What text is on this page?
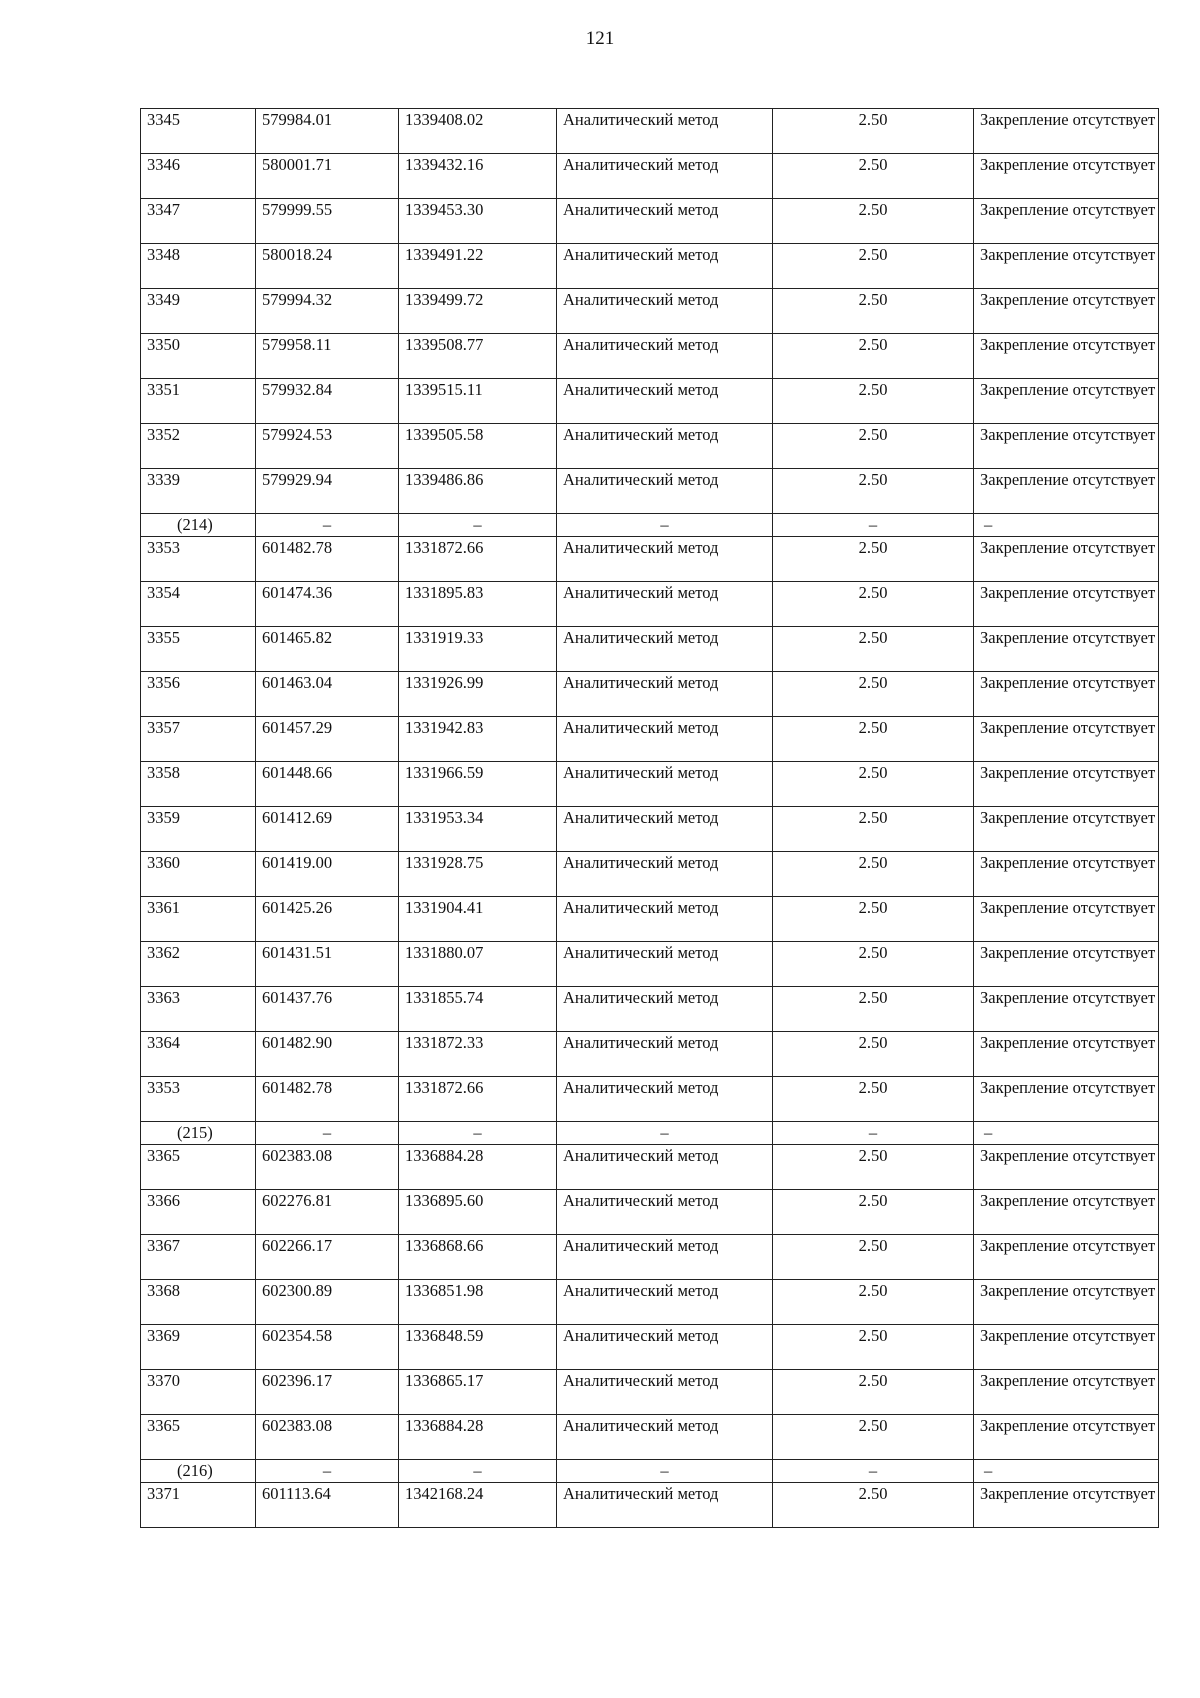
121
3345	579984.01	1339408.02	Аналитический метод	2.50	Закрепление отсутствует
3346	580001.71	1339432.16	Аналитический метод	2.50	Закрепление отсутствует
3347	579999.55	1339453.30	Аналитический метод	2.50	Закрепление отсутствует
3348	580018.24	1339491.22	Аналитический метод	2.50	Закрепление отсутствует
3349	579994.32	1339499.72	Аналитический метод	2.50	Закрепление отсутствует
3350	579958.11	1339508.77	Аналитический метод	2.50	Закрепление отсутствует
3351	579932.84	1339515.11	Аналитический метод	2.50	Закрепление отсутствует
3352	579924.53	1339505.58	Аналитический метод	2.50	Закрепление отсутствует
3339	579929.94	1339486.86	Аналитический метод	2.50	Закрепление отсутствует
(214)	–	–	–	–	–
3353	601482.78	1331872.66	Аналитический метод	2.50	Закрепление отсутствует
3354	601474.36	1331895.83	Аналитический метод	2.50	Закрепление отсутствует
3355	601465.82	1331919.33	Аналитический метод	2.50	Закрепление отсутствует
3356	601463.04	1331926.99	Аналитический метод	2.50	Закрепление отсутствует
3357	601457.29	1331942.83	Аналитический метод	2.50	Закрепление отсутствует
3358	601448.66	1331966.59	Аналитический метод	2.50	Закрепление отсутствует
3359	601412.69	1331953.34	Аналитический метод	2.50	Закрепление отсутствует
3360	601419.00	1331928.75	Аналитический метод	2.50	Закрепление отсутствует
3361	601425.26	1331904.41	Аналитический метод	2.50	Закрепление отсутствует
3362	601431.51	1331880.07	Аналитический метод	2.50	Закрепление отсутствует
3363	601437.76	1331855.74	Аналитический метод	2.50	Закрепление отсутствует
3364	601482.90	1331872.33	Аналитический метод	2.50	Закрепление отсутствует
3353	601482.78	1331872.66	Аналитический метод	2.50	Закрепление отсутствует
(215)	–	–	–	–	–
3365	602383.08	1336884.28	Аналитический метод	2.50	Закрепление отсутствует
3366	602276.81	1336895.60	Аналитический метод	2.50	Закрепление отсутствует
3367	602266.17	1336868.66	Аналитический метод	2.50	Закрепление отсутствует
3368	602300.89	1336851.98	Аналитический метод	2.50	Закрепление отсутствует
3369	602354.58	1336848.59	Аналитический метод	2.50	Закрепление отсутствует
3370	602396.17	1336865.17	Аналитический метод	2.50	Закрепление отсутствует
3365	602383.08	1336884.28	Аналитический метод	2.50	Закрепление отсутствует
(216)	–	–	–	–	–
3371	601113.64	1342168.24	Аналитический метод	2.50	Закрепление отсутствует
